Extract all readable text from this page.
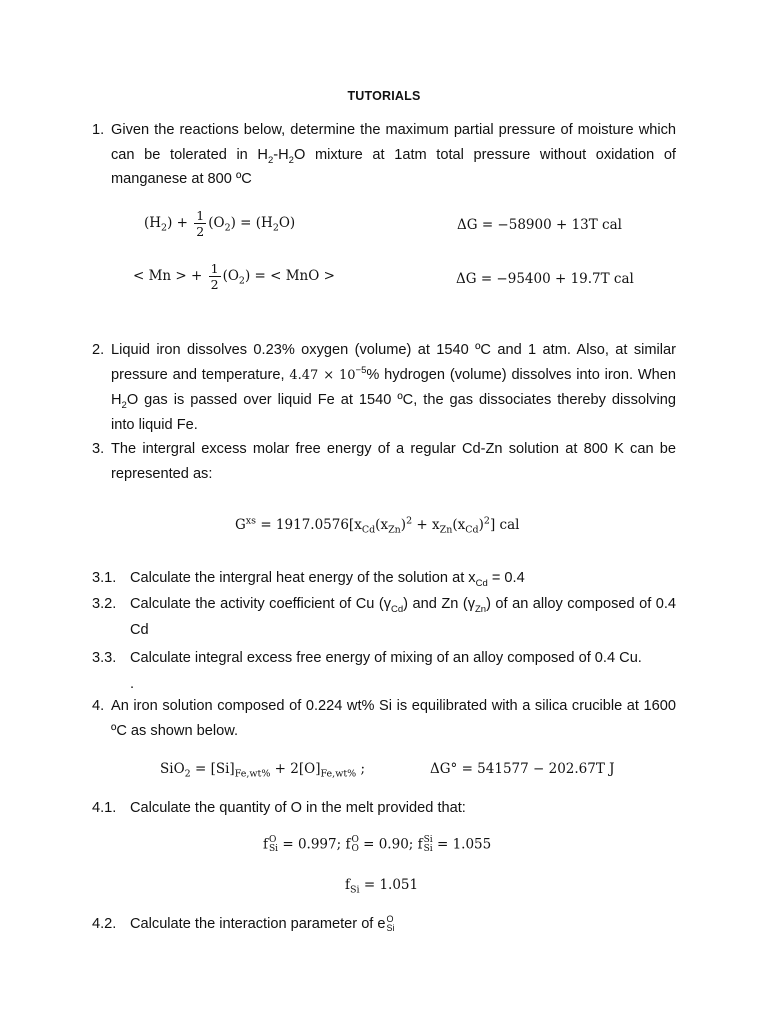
TUTORIALS
1. Given the reactions below, determine the maximum partial pressure of moisture which can be tolerated in $H_2-H_2O$ mixture at 1atm total pressure without oxidation of manganese at 800 ºC
$(H_2) + \frac{1}{2} (O_2) = (H_2O)$	ΔG = −58900 + 13T cal
< Mn > + $\frac{1}{2} (O_2)$ = < MnO >	ΔG = −95400 + 19.7T cal
2. Liquid iron dissolves 0.23% oxygen (volume) at 1540 ºC and 1 atm. Also, at similar pressure and temperature, $4.47 \times 10^{-5}\%$ hydrogen (volume) dissolves into iron. When $H_2O$ gas is passed over liquid Fe at 1540 ºC, the gas dissociates thereby dissolving into liquid Fe.
3. The intergral excess molar free energy of a regular Cd-Zn solution at 800 K can be represented as:
$G^{xs} = 1917.0576[x_{Cd}(x_{Zn})^2 + x_{Zn}(x_{Cd})^2]$ cal
3.1. Calculate the intergral heat energy of the solution at $x_{Cd} = 0.4$
3.2. Calculate the activity coefficient of Cu $(\gamma_{Cd})$ and Zn $(\gamma_{Zn})$ of an alloy composed of 0.4 Cd
3.3. Calculate integral excess free energy of mixing of an alloy composed of 0.4 Cu.
.
4. An iron solution composed of 0.224 wt% Si is equilibrated with a silica crucible at 1600 ºC as shown below.
$SiO_2 = [Si]_{Fe,wt\%} + 2[O]_{Fe,wt\%}$ ;	ΔG° = 541577 − 202.67T J
4.1. Calculate the quantity of O in the melt provided that:
f O
Si = 0.997; f O
O = 0.90; f Si
Si = 1.055
$f_{Si} = 1.051$
4.2. Calculate the interaction parameter of e O
Si
